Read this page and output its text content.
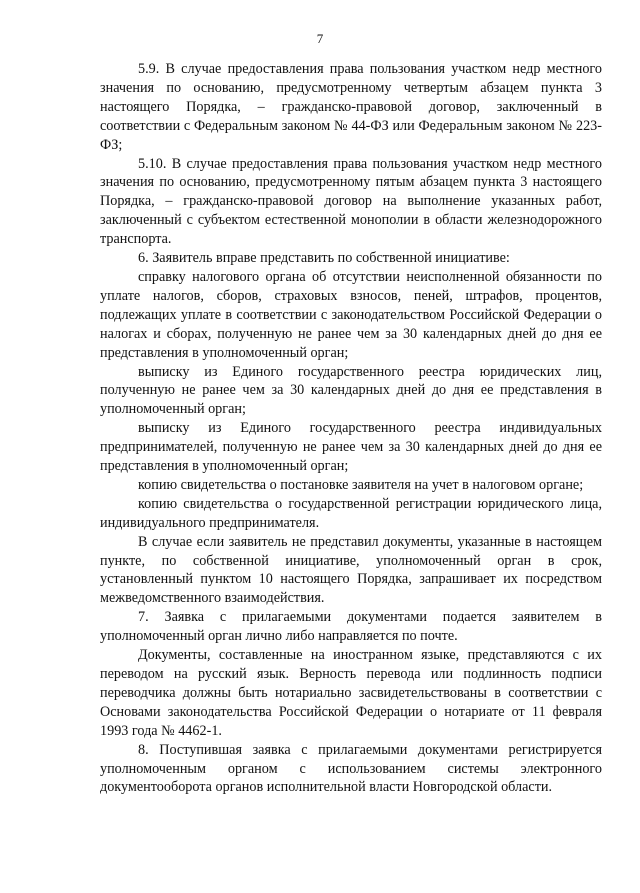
7

5.9. В случае предоставления права пользования участком недр местного значения по основанию, предусмотренному четвертым абзацем пункта 3 настоящего Порядка, – гражданско-правовой договор, заключенный в соответствии с Федеральным законом № 44-ФЗ или Федеральным законом № 223-ФЗ;

5.10. В случае предоставления права пользования участком недр местного значения по основанию, предусмотренному пятым абзацем пункта 3 настоящего Порядка, – гражданско-правовой договор на выполнение указанных работ, заключенный с субъектом естественной монополии в области железнодорожного транспорта.

6. Заявитель вправе представить по собственной инициативе:

справку налогового органа об отсутствии неисполненной обязанности по уплате налогов, сборов, страховых взносов, пеней, штрафов, процентов, подлежащих уплате в соответствии с законодательством Российской Федерации о налогах и сборах, полученную не ранее чем за 30 календарных дней до дня ее представления в уполномоченный орган;

выписку из Единого государственного реестра юридических лиц, полученную не ранее чем за 30 календарных дней до дня ее представления в уполномоченный орган;

выписку из Единого государственного реестра индивидуальных предпринимателей, полученную не ранее чем за 30 календарных дней до дня ее представления в уполномоченный орган;

копию свидетельства о постановке заявителя на учет в налоговом органе;

копию свидетельства о государственной регистрации юридического лица, индивидуального предпринимателя.

В случае если заявитель не представил документы, указанные в настоящем пункте, по собственной инициативе, уполномоченный орган в срок, установленный пунктом 10 настоящего Порядка, запрашивает их посредством межведомственного взаимодействия.

7. Заявка с прилагаемыми документами подается заявителем в уполномоченный орган лично либо направляется по почте.

Документы, составленные на иностранном языке, представляются с их переводом на русский язык. Верность перевода или подлинность подписи переводчика должны быть нотариально засвидетельствованы в соответствии с Основами законодательства Российской Федерации о нотариате от 11 февраля 1993 года № 4462-1.

8. Поступившая заявка с прилагаемыми документами регистрируется уполномоченным органом с использованием системы электронного документооборота органов исполнительной власти Новгородской области.
